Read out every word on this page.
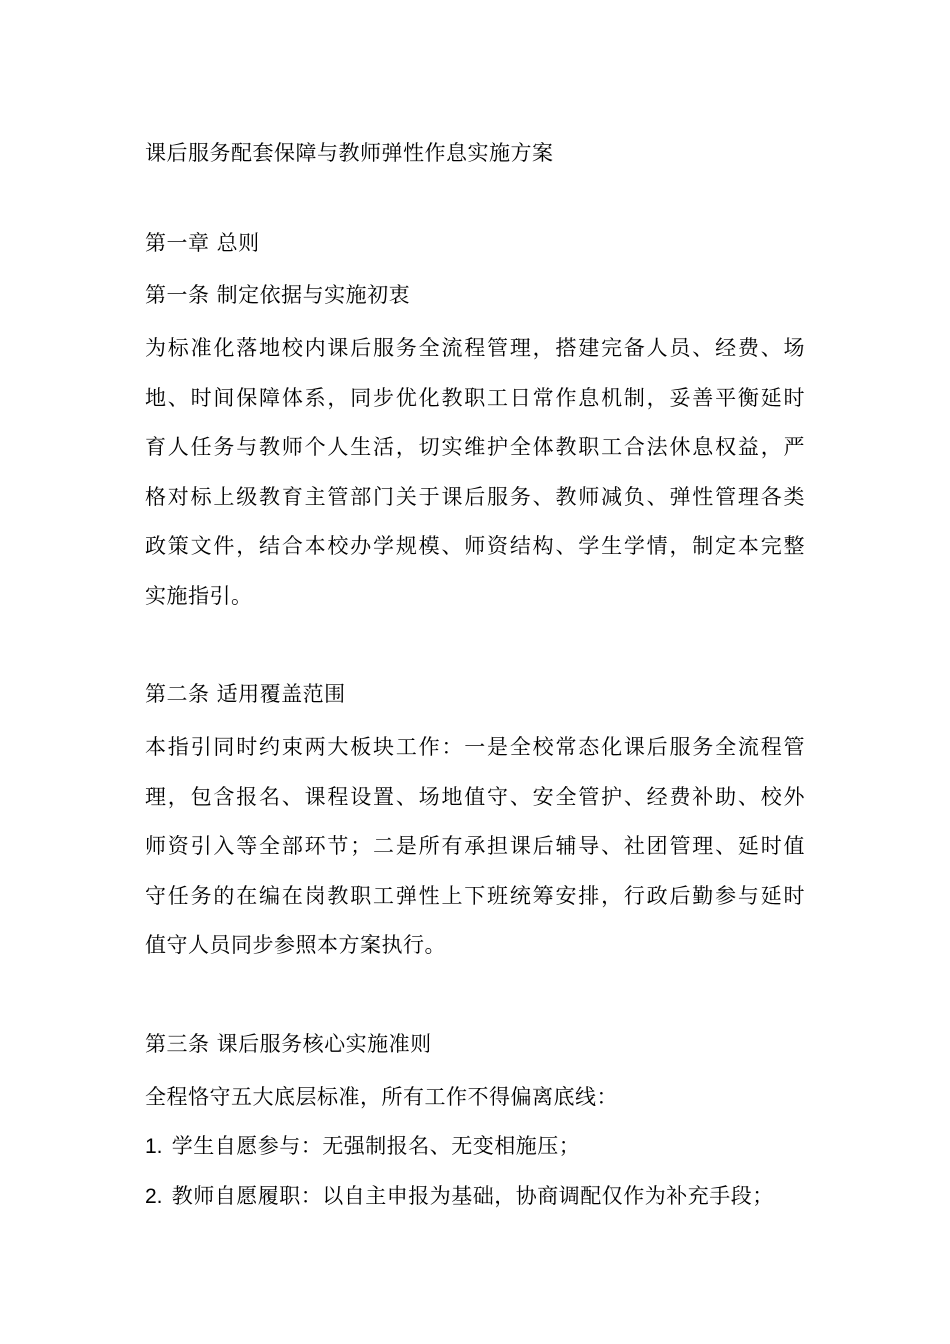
课后服务配套保障与教师弹性作息实施方案
第一章 总则
第一条 制定依据与实施初衷
为标准化落地校内课后服务全流程管理，搭建完备人员、经费、场
地、时间保障体系，同步优化教职工日常作息机制，妥善平衡延时
育人任务与教师个人生活，切实维护全体教职工合法休息权益，严
格对标上级教育主管部门关于课后服务、教师减负、弹性管理各类
政策文件，结合本校办学规模、师资结构、学生学情，制定本完整
实施指引。
第二条 适用覆盖范围
本指引同时约束两大板块工作：一是全校常态化课后服务全流程管
理，包含报名、课程设置、场地值守、安全管护、经费补助、校外
师资引入等全部环节；二是所有承担课后辅导、社团管理、延时值
守任务的在编在岗教职工弹性上下班统筹安排，行政后勤参与延时
值守人员同步参照本方案执行。
第三条 课后服务核心实施准则
全程恪守五大底层标准，所有工作不得偏离底线：
1. 学生自愿参与：无强制报名、无变相施压；
2. 教师自愿履职：以自主申报为基础，协商调配仅作为补充手段；
